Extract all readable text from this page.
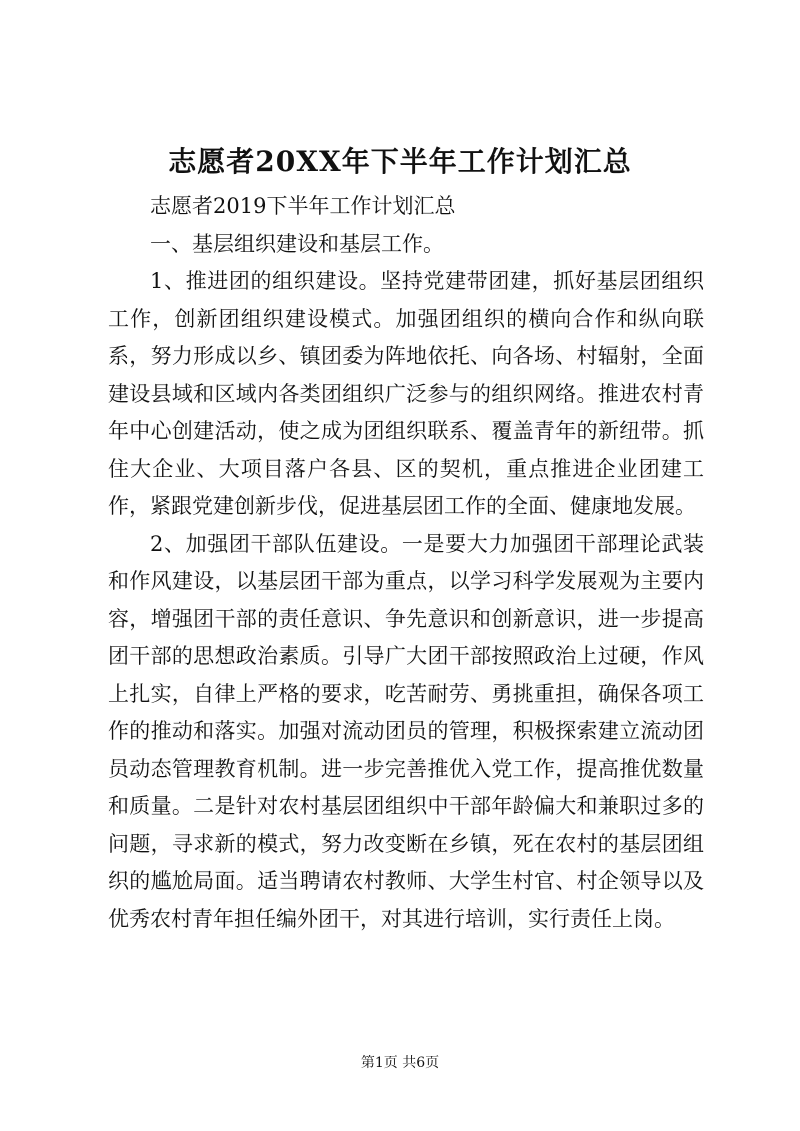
志愿者20XX年下半年工作计划汇总

志愿者2019下半年工作计划汇总

一、基层组织建设和基层工作。

1、推进团的组织建设。坚持党建带团建，抓好基层团组织工作，创新团组织建设模式。加强团组织的横向合作和纵向联系，努力形成以乡、镇团委为阵地依托、向各场、村辐射，全面建设县域和区域内各类团组织广泛参与的组织网络。推进农村青年中心创建活动，使之成为团组织联系、覆盖青年的新纽带。抓住大企业、大项目落户各县、区的契机，重点推进企业团建工作，紧跟党建创新步伐，促进基层团工作的全面、健康地发展。

2、加强团干部队伍建设。一是要大力加强团干部理论武装和作风建设，以基层团干部为重点，以学习科学发展观为主要内容，增强团干部的责任意识、争先意识和创新意识，进一步提高团干部的思想政治素质。引导广大团干部按照政治上过硬，作风上扎实，自律上严格的要求，吃苦耐劳、勇挑重担，确保各项工作的推动和落实。加强对流动团员的管理，积极探索建立流动团员动态管理教育机制。进一步完善推优入党工作，提高推优数量和质量。二是针对农村基层团组织中干部年龄偏大和兼职过多的问题，寻求新的模式，努力改变断在乡镇，死在农村的基层团组织的尴尬局面。适当聘请农村教师、大学生村官、村企领导以及优秀农村青年担任编外团干，对其进行培训，实行责任上岗。

第1页 共6页
